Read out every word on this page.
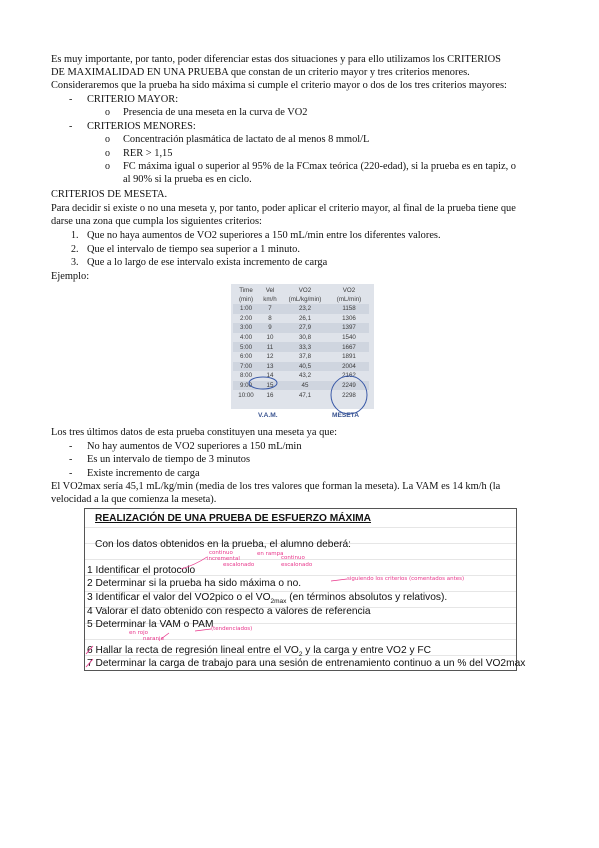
Es muy importante, por tanto, poder diferenciar estas dos situaciones y para ello utilizamos los CRITERIOS
DE MAXIMALIDAD EN UNA PRUEBA que constan de un criterio mayor y tres criterios menores.
Consideraremos que la prueba ha sido máxima si cumple el criterio mayor o dos de los tres criterios mayores:
- CRITERIO MAYOR:
o Presencia de una meseta en la curva de VO2
- CRITERIOS MENORES:
o Concentración plasmática de lactato de al menos 8 mmol/L
o RER > 1,15
o FC máxima igual o superior al 95% de la FCmax teórica (220-edad), si la prueba es en tapiz, o
al 90% si la prueba es en ciclo.
CRITERIOS DE MESETA.
Para decidir si existe o no una meseta y, por tanto, poder aplicar el criterio mayor, al final de la prueba tiene que
darse una zona que cumpla los siguientes criterios:
1. Que no haya aumentos de VO2 superiores a 150 mL/min entre los diferentes valores.
2. Que el intervalo de tiempo sea superior a 1 minuto.
3. Que a lo largo de ese intervalo exista incremento de carga
Ejemplo:
Time	Vel	VO2	VO2
(min)	km/h	(mL/kg/min)	(mL/min)
1:00	7	23,2	1158
2:00	8	26,1	1306
3:00	9	27,9	1397
4:00	10	30,8	1540
5:00	11	33,3	1667
6:00	12	37,8	1891
7:00	13	40,5	2004
8:00	14	43,2	2162
9:00	15	45	2249
10:00	16	47,1	2298
V.A.M.	MESETA
Los tres últimos datos de esta prueba constituyen una meseta ya que:
- No hay aumentos de VO2 superiores a 150 mL/min
- Es un intervalo de tiempo de 3 minutos
- Existe incremento de carga
El VO2max sería 45,1 mL/kg/min (media de los tres valores que forman la meseta). La VAM es 14 km/h (la
velocidad a la que comienza la meseta).
REALIZACIÓN DE UNA PRUEBA DE ESFUERZO MÁXIMA
Con los datos obtenidos en la prueba, el alumno deberá:
1 Identificar el protocolo
2 Determinar si la prueba ha sido máxima o no.
3 Identificar el valor del VO2pico o el $VO_{2max}$ (en términos absolutos y relativos).
4 Valorar el dato obtenido con respecto a valores de referencia
5 Determinar la VAM o PAM
6 Hallar la recta de regresión lineal entre el $VO_2$ y la carga y entre VO2 y FC
7 Determinar la carga de trabajo para una sesión de entrenamiento continuo a un % del VO2max
continuo
incremental
escalonado
en rampa
continuo
escalonado
siguiendo los criterios (comentados antes)
en rojo
naranja
(tendenciados)
